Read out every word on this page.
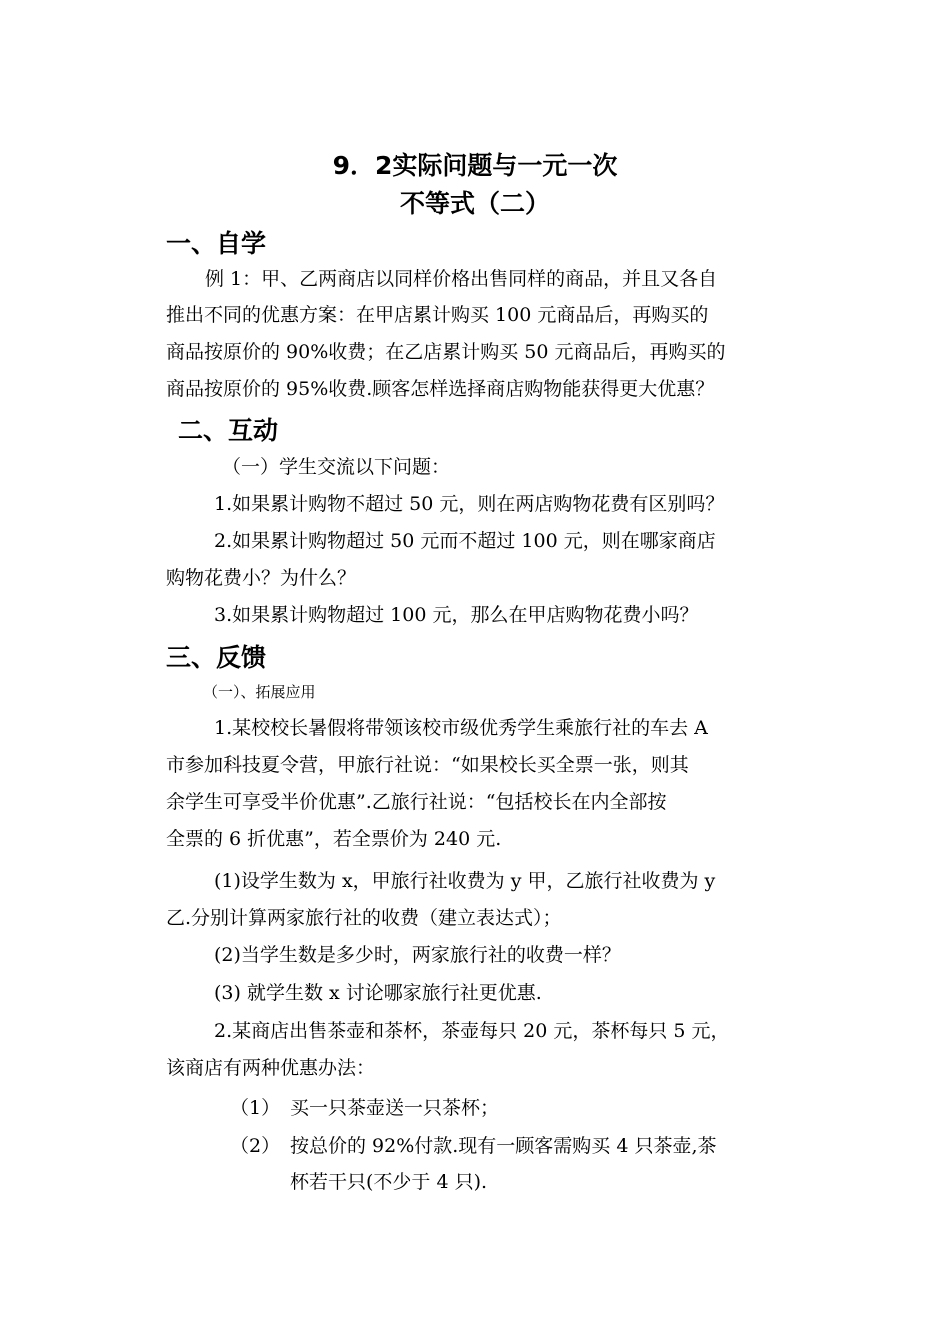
9．2实际问题与一元一次
不等式（二）
一、自学
例 1：甲、乙两商店以同样价格出售同样的商品，并且又各自
推出不同的优惠方案：在甲店累计购买 100 元商品后，再购买的
商品按原价的 90%收费；在乙店累计购买 50 元商品后，再购买的
商品按原价的 95%收费.顾客怎样选择商店购物能获得更大优惠？
二、互动
（一）学生交流以下问题：
1.如果累计购物不超过 50 元，则在两店购物花费有区别吗？
2.如果累计购物超过 50 元而不超过 100 元，则在哪家商店
购物花费小？为什么？
3.如果累计购物超过 100 元，那么在甲店购物花费小吗？
三、反馈
（一）、拓展应用
1.某校校长暑假将带领该校市级优秀学生乘旅行社的车去 A
市参加科技夏令营，甲旅行社说：“如果校长买全票一张，则其
余学生可享受半价优惠”.乙旅行社说：“包括校长在内全部按
全票的 6 折优惠”，若全票价为 240 元.
(1)设学生数为 x，甲旅行社收费为 y 甲，乙旅行社收费为 y
乙.分别计算两家旅行社的收费（建立表达式）；
(2)当学生数是多少时，两家旅行社的收费一样？
(3) 就学生数 x 讨论哪家旅行社更优惠.
2.某商店出售茶壶和茶杯，茶壶每只 20 元，茶杯每只 5 元，
该商店有两种优惠办法：
（1） 买一只茶壶送一只茶杯；
（2） 按总价的 92%付款.现有一顾客需购买 4 只茶壶,茶
杯若干只(不少于 4 只).
